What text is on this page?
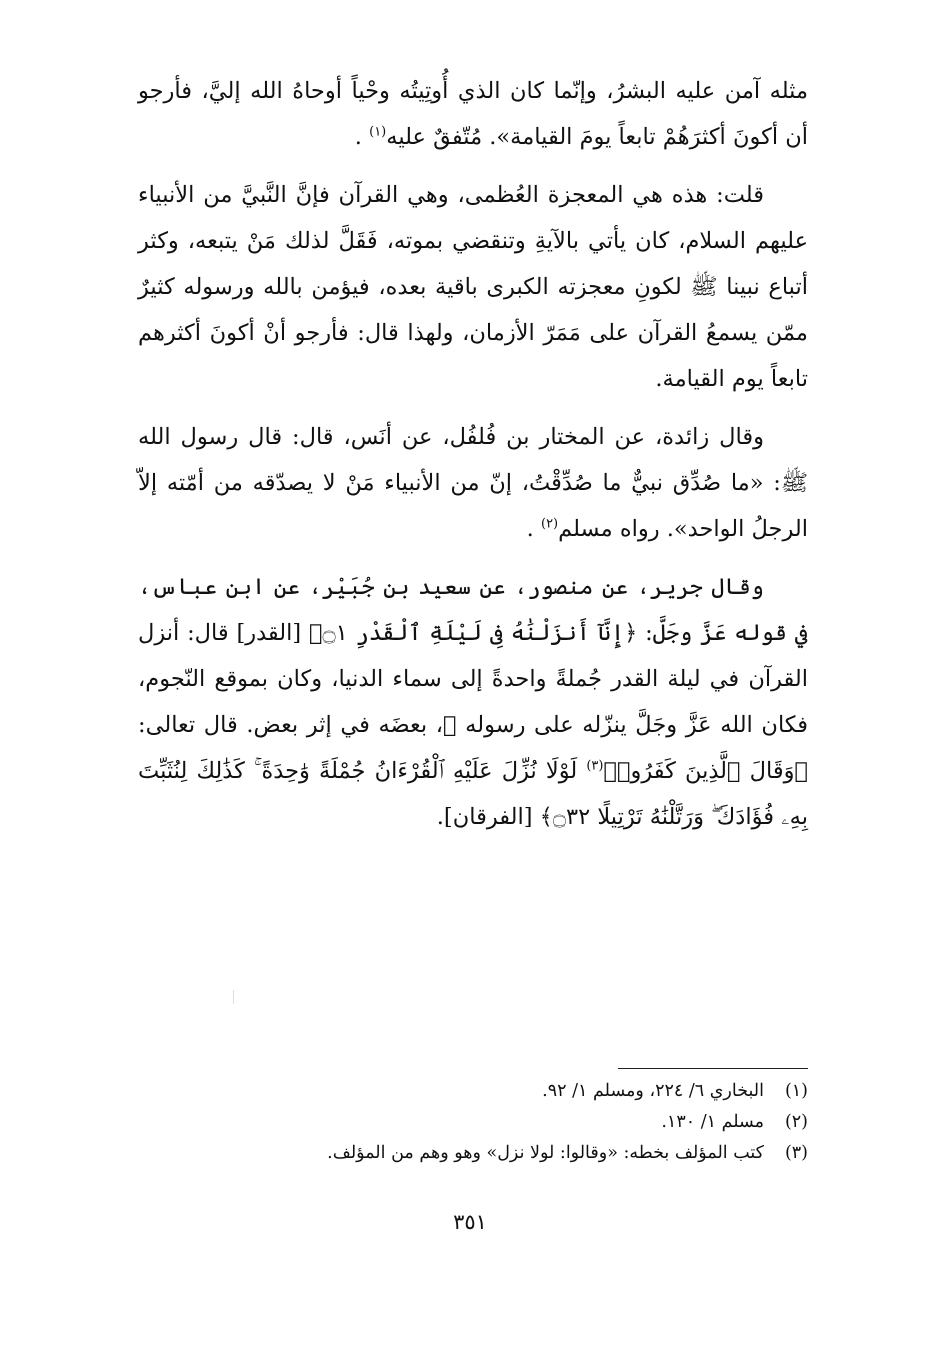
مثله آمن عليه البشرُ، وإنّما كان الذي أُوتِيتُه وحْياً أوحاهُ الله إليَّ، فأرجو أن أكونَ أكثرَهُمْ تابعاً يومَ القيامة». مُتّفقٌ عليه$^{(١)}$ .

قلت: هذه هي المعجزة العُظمى، وهي القرآن فإنَّ النَّبيَّ من الأنبياء عليهم السلام، كان يأتي بالآيةِ وتنقضي بموته، فَقَلَّ لذلك مَنْ يتبعه، وكثر أتباع نبينا ﷺ لكونِ معجزته الكبرى باقية بعده، فيؤمن بالله ورسوله كثيرٌ ممّن يسمعُ القرآن على مَمَرّ الأزمان، ولهذا قال: فأرجو أنْ أكونَ أكثرهم تابعاً يوم القيامة.

وقال زائدة، عن المختار بن فُلفُل، عن أنَس، قال: قال رسول الله ﷺ: «ما صُدِّق نبيٌّ ما صُدِّقْتُ، إنّ من الأنبياء مَنْ لا يصدّقه من أمّته إلاّ الرجلُ الواحد». رواه مسلم$^{(٢)}$ .

وقال جرير، عن منصور، عن سعيد بن جُبَيْر، عن ابن عباس، في قوله عَزَّ وجَلَّ: ﴿إِنَّآ أَنزَلْنَٰهُ فِى لَيْلَةِ ٱلْقَدْرِ ۝١﴾ [القدر] قال: أنزل القرآن في ليلة القدر جُملةً واحدةً إلى سماء الدنيا، وكان بموقع النّجوم، فكان الله عَزَّ وجَلَّ ينزّله على رسوله ﷺ، بعضَه في إثر بعض. قال تعالى: ﴿وَقَالَ ٱلَّذِينَ كَفَرُوا۟$^{(٣)}$ لَوْلَا نُزِّلَ عَلَيْهِ ٱلْقُرْءَانُ جُمْلَةً وَٰحِدَةً ۚ كَذَٰلِكَ لِنُثَبِّتَ بِهِۦ فُؤَادَكَ ۖ وَرَتَّلْنَٰهُ تَرْتِيلًا ۝٣٢﴾ [الفرقان].

(١)البخاري ٦/ ٢٢٤، ومسلم ١/ ٩٢.
(٢)مسلم ١/ ١٣٠.
(٣)كتب المؤلف بخطه: «وقالوا: لولا نزل» وهو وهم من المؤلف.
٣٥١
